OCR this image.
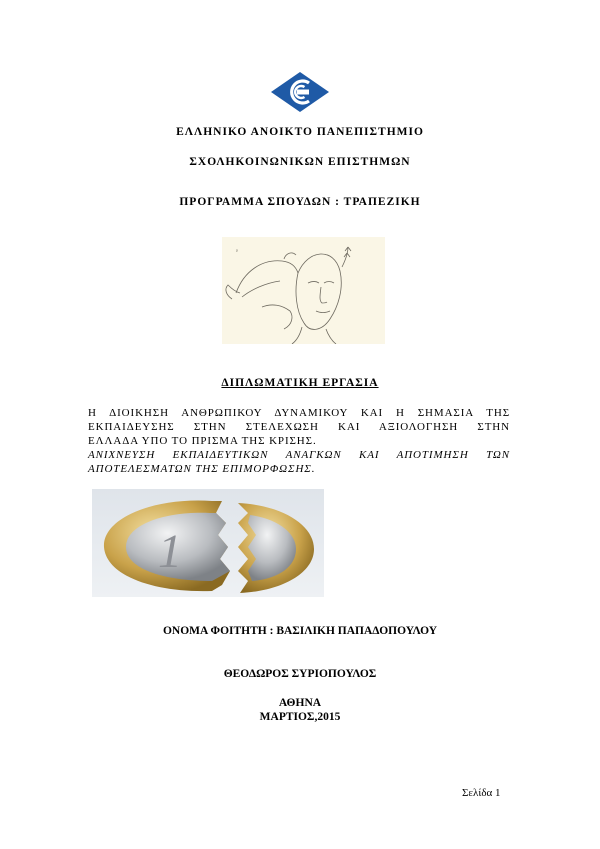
ΕΛΛΗΝΙΚΟ ΑΝΟΙΚΤΟ ΠΑΝΕΠΙΣΤΗΜΙΟ
ΣΧΟΛΗΚΟΙΝΩΝΙΚΩΝ ΕΠΙΣΤΗΜΩΝ
ΠΡΟΓΡΑΜΜΑ ΣΠΟΥΔΩΝ : ΤΡΑΠΕΖΙΚΗ
ᵖ
ΔΙΠΛΩΜΑΤΙΚΗ ΕΡΓΑΣΙΑ
Η ΔΙΟΙΚΗΣΗ ΑΝΘΡΩΠΙΚΟΥ ΔΥΝΑΜΙΚΟΥ ΚΑΙ Η ΣΗΜΑΣΙΑ ΤΗΣ
ΕΚΠΑΙΔΕΥΣΗΣ ΣΤΗΝ ΣΤΕΛΕΧΩΣΗ ΚΑΙ ΑΞΙΟΛΟΓΗΣΗ ΣΤΗΝ
ΕΛΛΑΔΑ ΥΠΟ ΤΟ ΠΡΙΣΜΑ ΤΗΣ ΚΡΙΣΗΣ.
ΑΝΙΧΝΕΥΣΗ ΕΚΠΑΙΔΕΥΤΙΚΩΝ ΑΝΑΓΚΩΝ ΚΑΙ ΑΠΟΤΙΜΗΣΗ ΤΩΝ
ΑΠΟΤΕΛΕΣΜΑΤΩΝ ΤΗΣ ΕΠΙΜΟΡΦΩΣΗΣ.
1
ΟΝΟΜΑ ΦΟΙΤΗΤΗ : ΒΑΣΙΛΙΚΗ ΠΑΠΑΔΟΠΟΥΛΟΥ
ΘΕΟΔΩΡΟΣ ΣΥΡΙΟΠΟΥΛΟΣ
ΑΘΗΝΑ
ΜΑΡΤΙΟΣ,2015
Σελίδα 1
